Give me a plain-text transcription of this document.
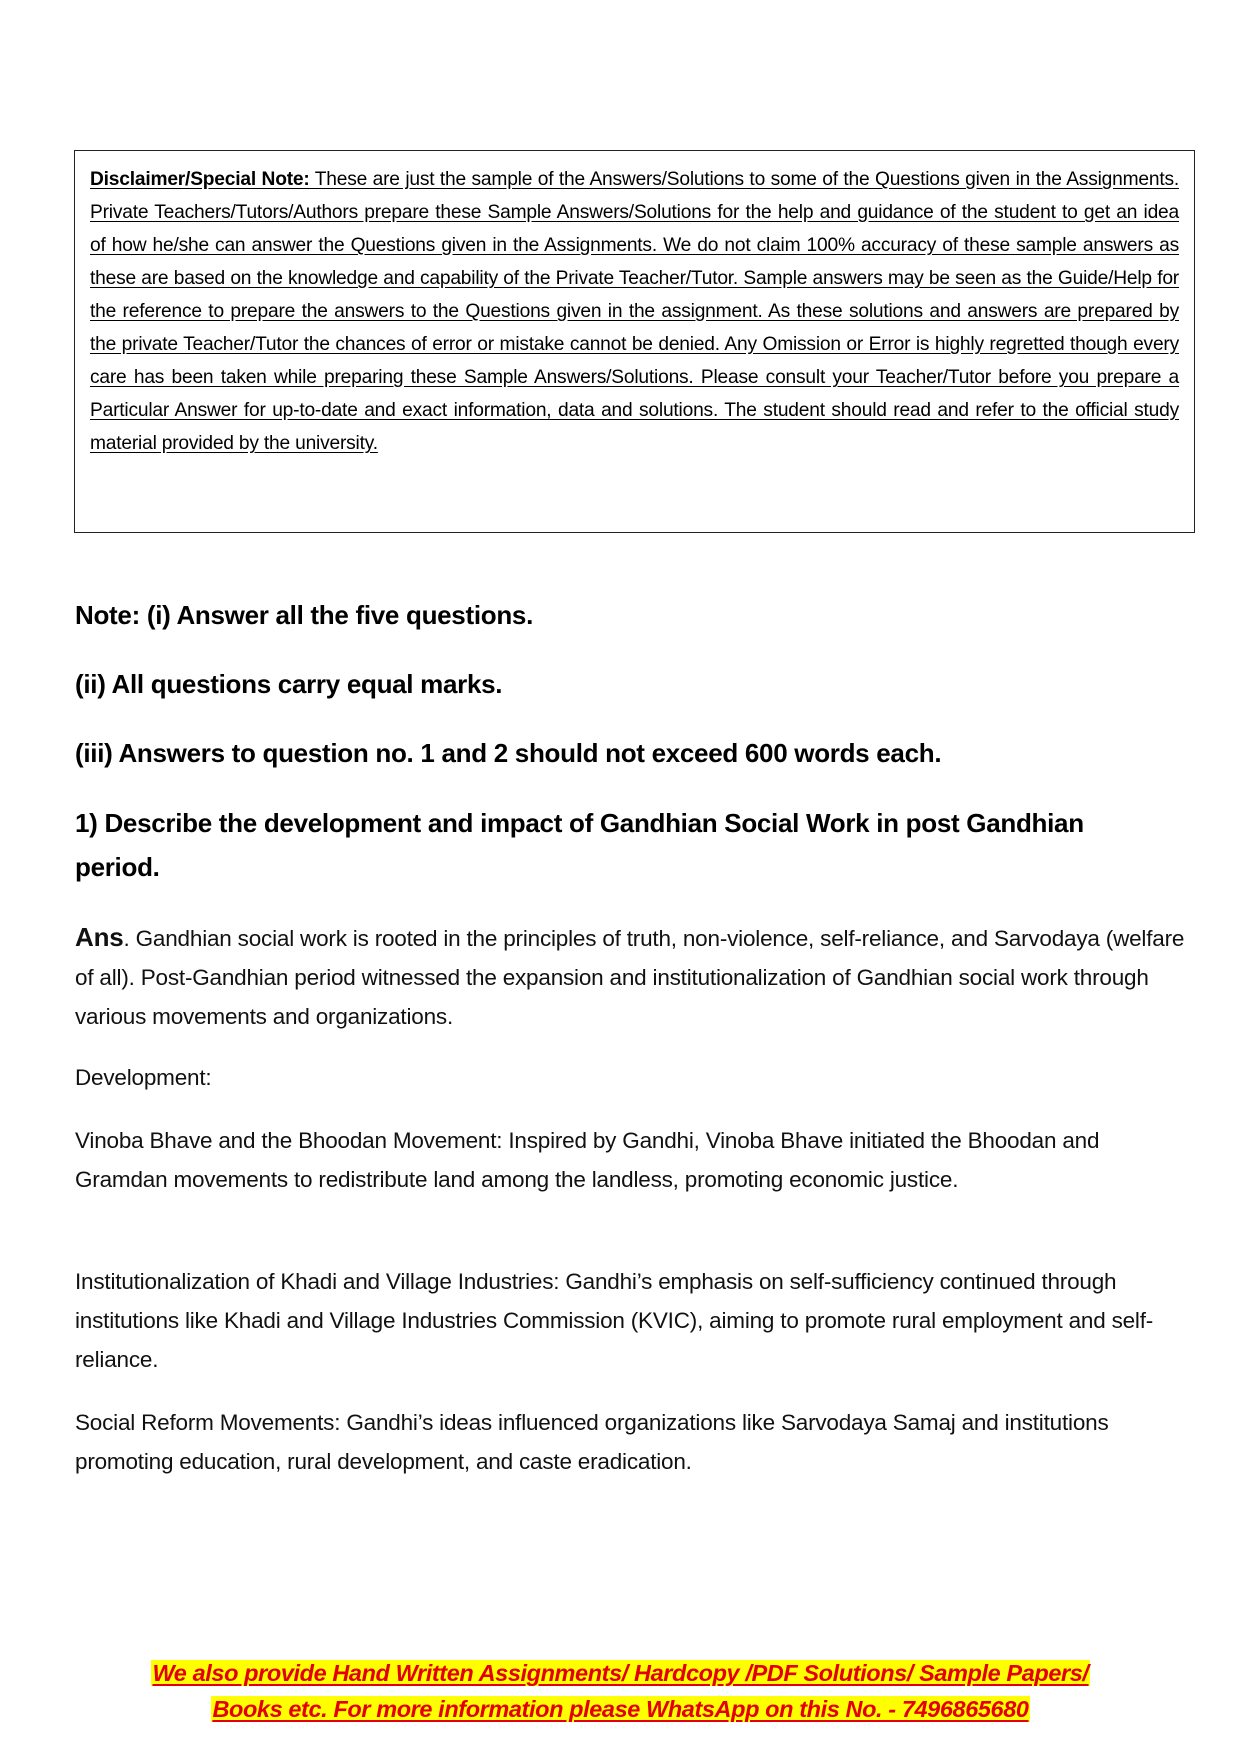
Disclaimer/Special Note: These are just the sample of the Answers/Solutions to some of the Questions given in the Assignments. Private Teachers/Tutors/Authors prepare these Sample Answers/Solutions for the help and guidance of the student to get an idea of how he/she can answer the Questions given in the Assignments. We do not claim 100% accuracy of these sample answers as these are based on the knowledge and capability of the Private Teacher/Tutor. Sample answers may be seen as the Guide/Help for the reference to prepare the answers to the Questions given in the assignment. As these solutions and answers are prepared by the private Teacher/Tutor the chances of error or mistake cannot be denied. Any Omission or Error is highly regretted though every care has been taken while preparing these Sample Answers/Solutions. Please consult your Teacher/Tutor before you prepare a Particular Answer for up-to-date and exact information, data and solutions. The student should read and refer to the official study material provided by the university.

Note: (i) Answer all the five questions.
(ii) All questions carry equal marks.
(iii) Answers to question no. 1 and 2 should not exceed 600 words each.
1) Describe the development and impact of Gandhian Social Work in post Gandhian period.
Ans. Gandhian social work is rooted in the principles of truth, non-violence, self-reliance, and Sarvodaya (welfare of all). Post-Gandhian period witnessed the expansion and institutionalization of Gandhian social work through various movements and organizations.
Development:
Vinoba Bhave and the Bhoodan Movement: Inspired by Gandhi, Vinoba Bhave initiated the Bhoodan and Gramdan movements to redistribute land among the landless, promoting economic justice.
Institutionalization of Khadi and Village Industries: Gandhi’s emphasis on self-sufficiency continued through institutions like Khadi and Village Industries Commission (KVIC), aiming to promote rural employment and self-reliance.
Social Reform Movements: Gandhi’s ideas influenced organizations like Sarvodaya Samaj and institutions promoting education, rural development, and caste eradication.
We also provide Hand Written Assignments/ Hardcopy /PDF Solutions/ Sample Papers/
Books etc. For more information please WhatsApp on this No. - 7496865680
